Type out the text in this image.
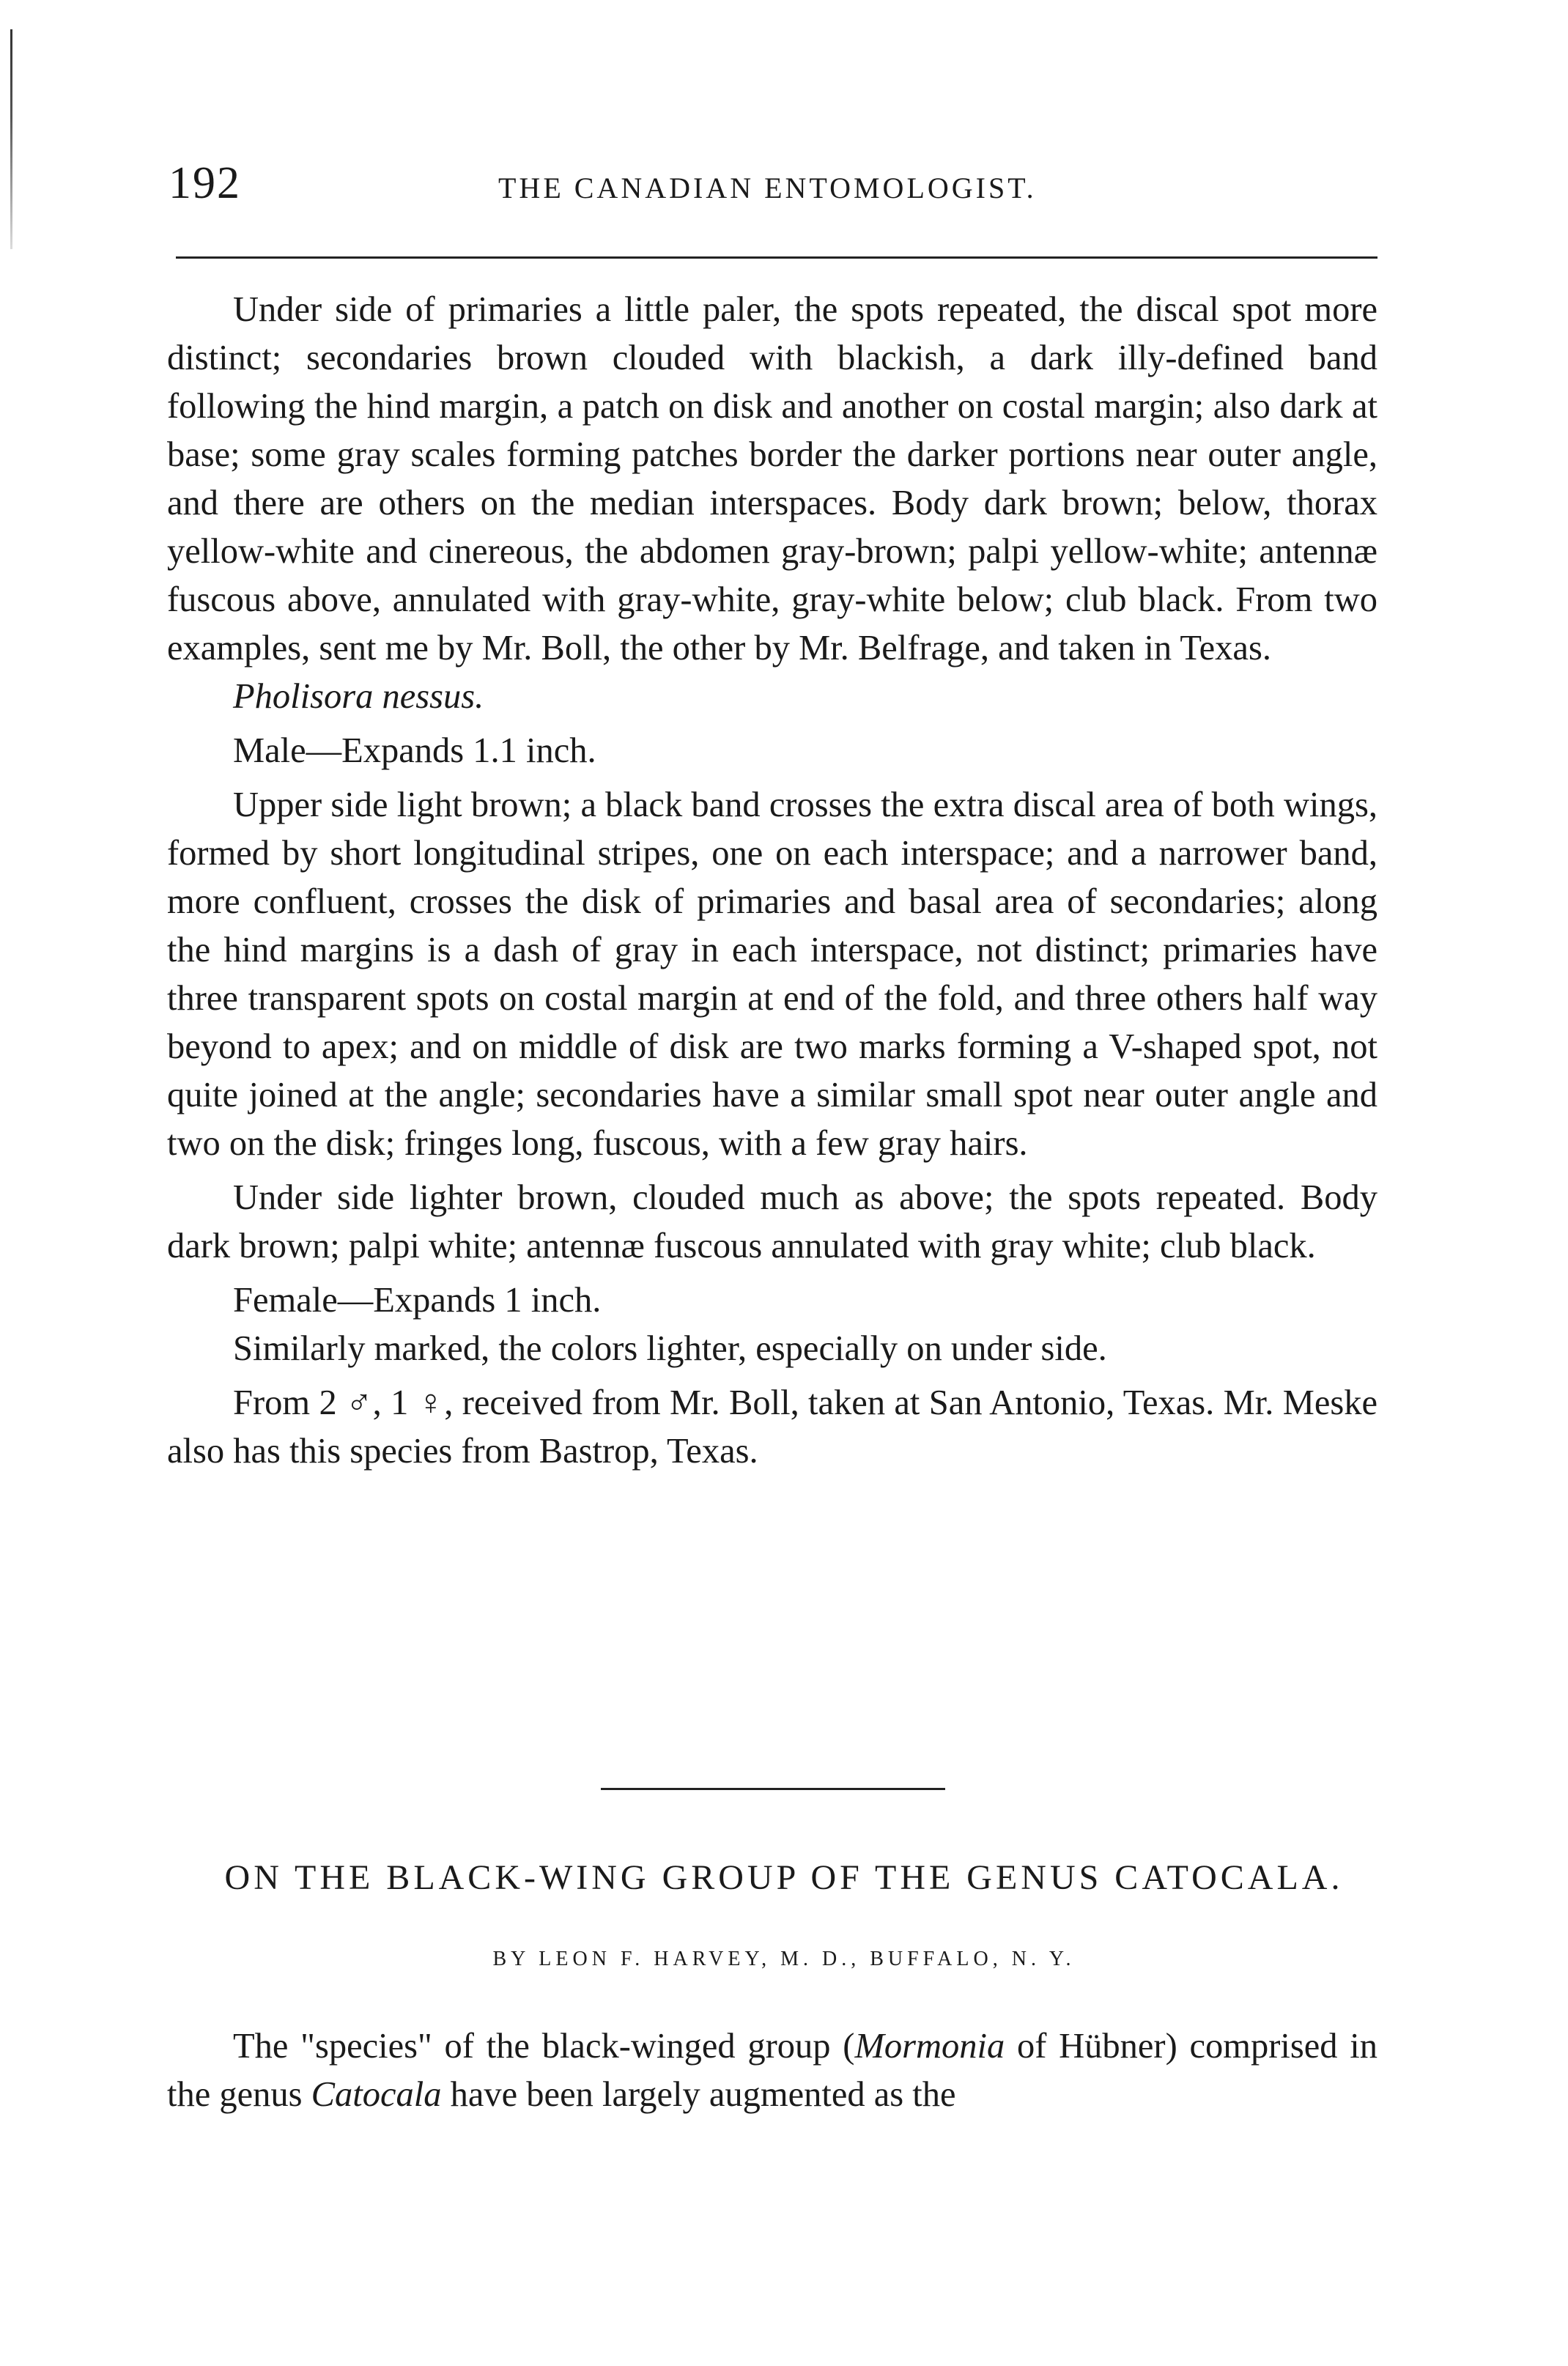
192	THE CANADIAN ENTOMOLOGIST.

Under side of primaries a little paler, the spots repeated, the discal spot more distinct; secondaries brown clouded with blackish, a dark illy-defined band following the hind margin, a patch on disk and another on costal margin; also dark at base; some gray scales forming patches border the darker portions near outer angle, and there are others on the median interspaces. Body dark brown; below, thorax yellow-white and cinereous, the abdomen gray-brown; palpi yellow-white; antennæ fuscous above, annulated with gray-white, gray-white below; club black. From two examples, sent me by Mr. Boll, the other by Mr. Belfrage, and taken in Texas.

Pholisora nessus.

Male—Expands 1.1 inch.

Upper side light brown; a black band crosses the extra discal area of both wings, formed by short longitudinal stripes, one on each interspace; and a narrower band, more confluent, crosses the disk of primaries and basal area of secondaries; along the hind margins is a dash of gray in each interspace, not distinct; primaries have three transparent spots on costal margin at end of the fold, and three others half way beyond to apex; and on middle of disk are two marks forming a V-shaped spot, not quite joined at the angle; secondaries have a similar small spot near outer angle and two on the disk; fringes long, fuscous, with a few gray hairs.

Under side lighter brown, clouded much as above; the spots repeated. Body dark brown; palpi white; antennæ fuscous annulated with gray white; club black.

Female—Expands 1 inch.

Similarly marked, the colors lighter, especially on under side.

From 2 ♂, 1 ♀, received from Mr. Boll, taken at San Antonio, Texas. Mr. Meske also has this species from Bastrop, Texas.

ON THE BLACK-WING GROUP OF THE GENUS CATOCALA.
BY LEON F. HARVEY, M. D., BUFFALO, N. Y.

The "species" of the black-winged group (Mormonia of Hübner) comprised in the genus Catocala have been largely augmented as the
